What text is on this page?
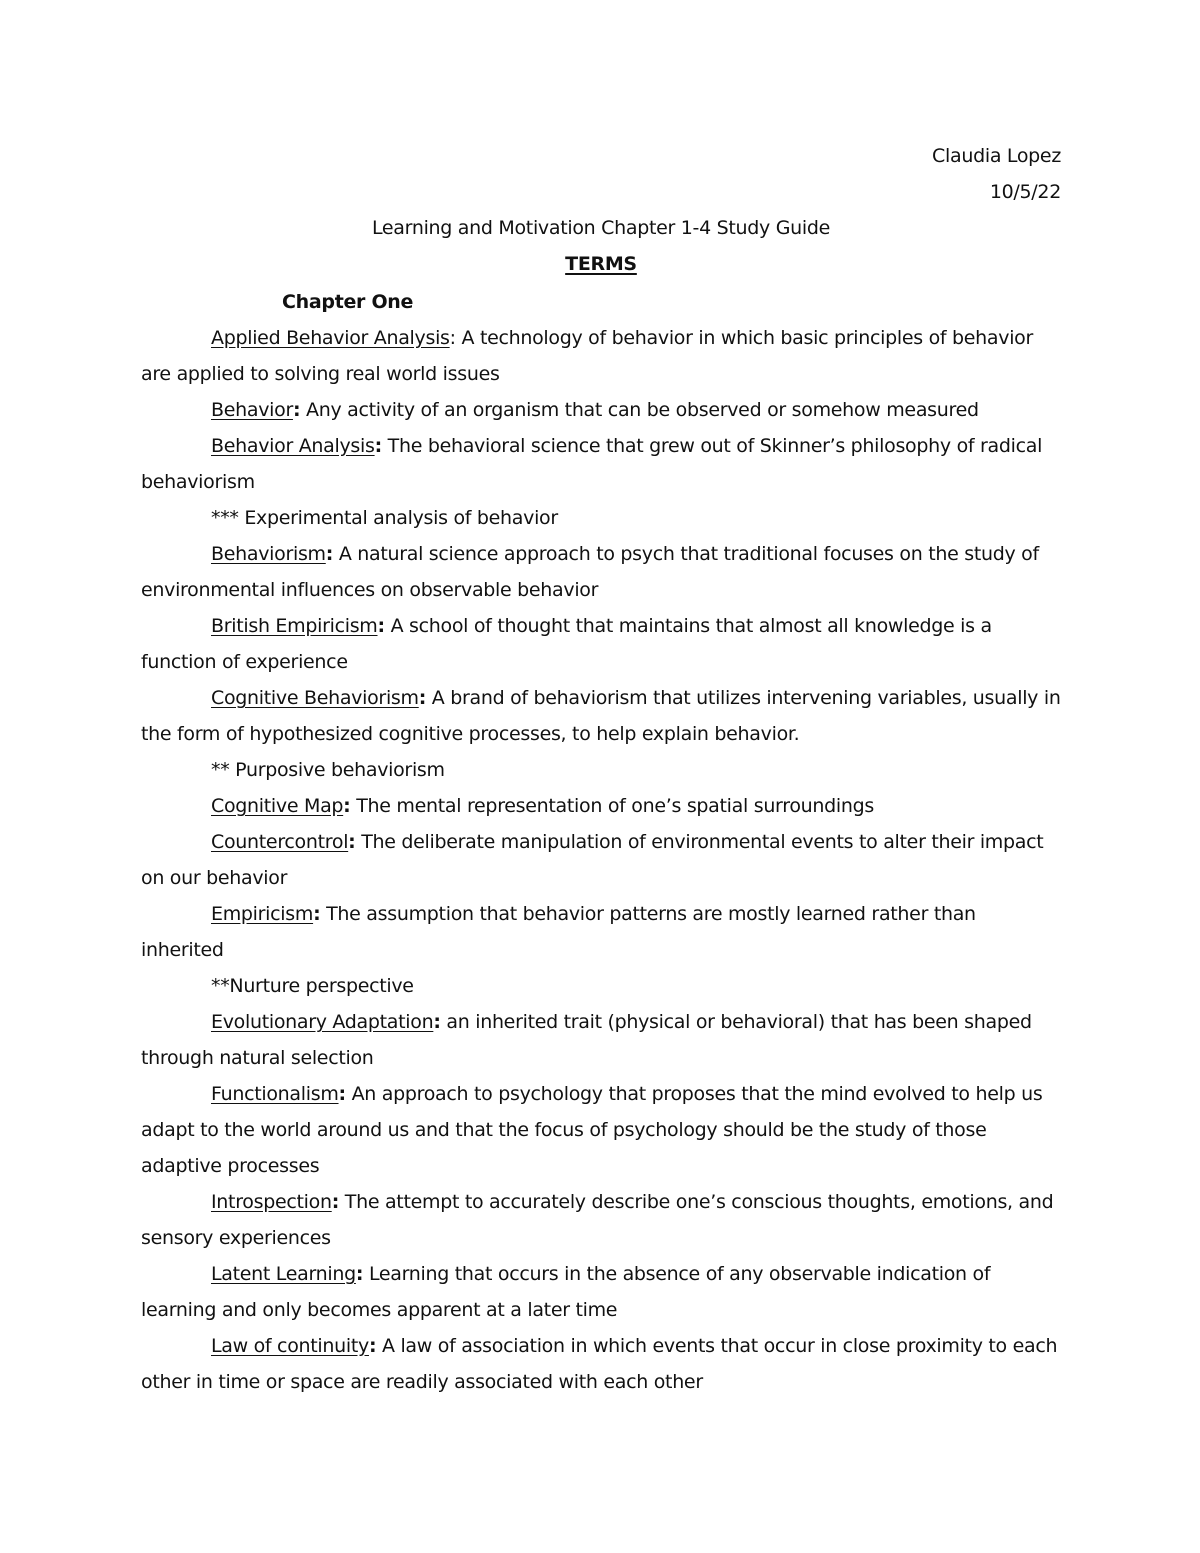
Claudia Lopez
10/5/22
Learning and Motivation Chapter 1-4 Study Guide
TERMS
Chapter One
Applied Behavior Analysis: A technology of behavior in which basic principles of behavior are applied to solving real world issues
Behavior: Any activity of an organism that can be observed or somehow measured
Behavior Analysis: The behavioral science that grew out of Skinner’s philosophy of radical behaviorism
*** Experimental analysis of behavior
Behaviorism: A natural science approach to psych that traditional focuses on the study of environmental influences on observable behavior
British Empiricism: A school of thought that maintains that almost all knowledge is a function of experience
Cognitive Behaviorism: A brand of behaviorism that utilizes intervening variables, usually in the form of hypothesized cognitive processes, to help explain behavior.
** Purposive behaviorism
Cognitive Map: The mental representation of one’s spatial surroundings
Countercontrol: The deliberate manipulation of environmental events to alter their impact on our behavior
Empiricism: The assumption that behavior patterns are mostly learned rather than inherited
**Nurture perspective
Evolutionary Adaptation: an inherited trait (physical or behavioral) that has been shaped through natural selection
Functionalism: An approach to psychology that proposes that the mind evolved to help us adapt to the world around us and that the focus of psychology should be the study of those adaptive processes
Introspection: The attempt to accurately describe one’s conscious thoughts, emotions, and sensory experiences
Latent Learning: Learning that occurs in the absence of any observable indication of learning and only becomes apparent at a later time
Law of continuity: A law of association in which events that occur in close proximity to each other in time or space are readily associated with each other
